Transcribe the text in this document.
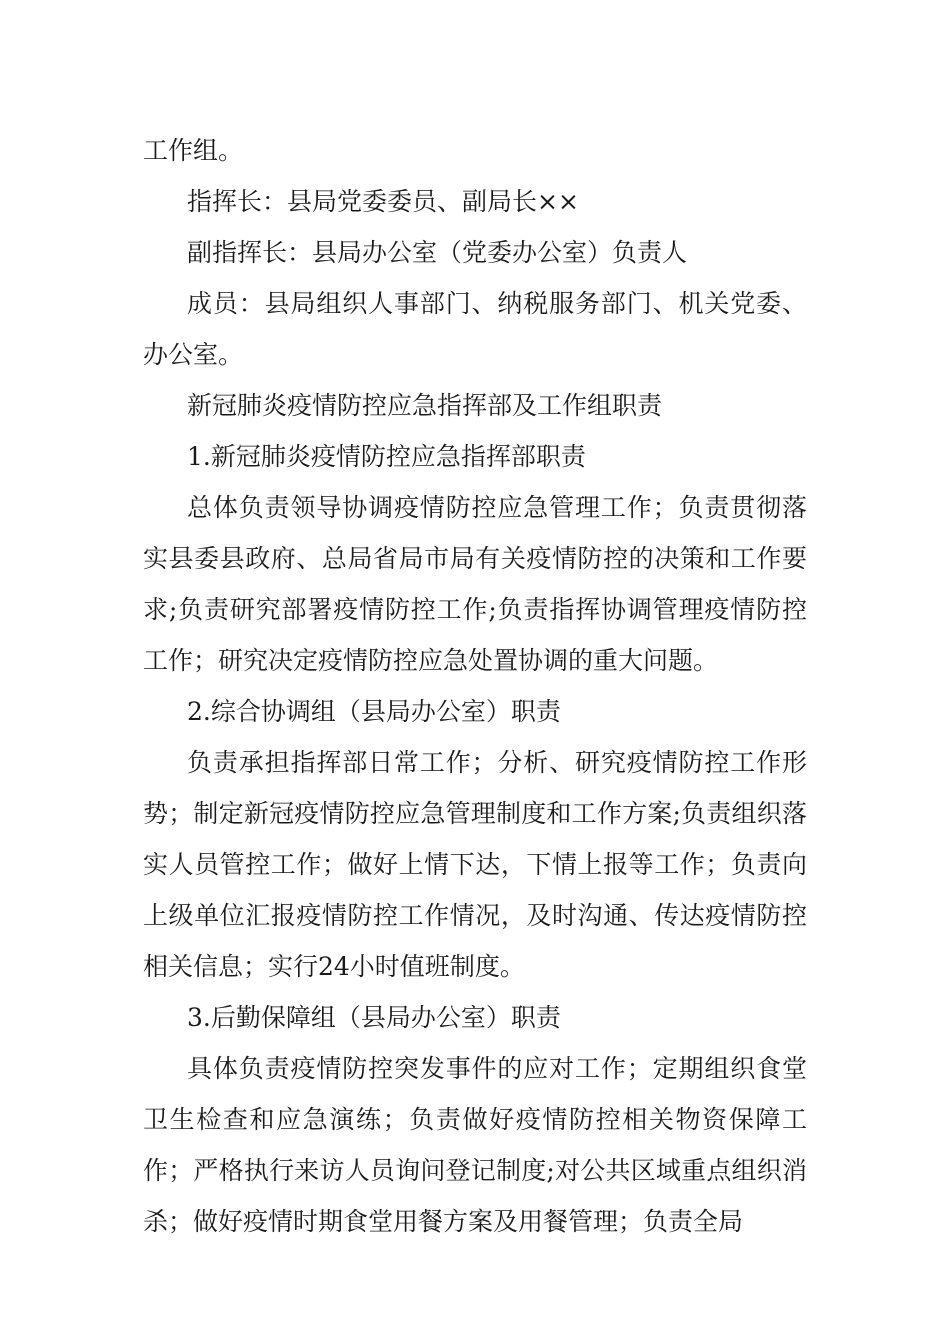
工作组。

指挥长：县局党委委员、副局长××

副指挥长：县局办公室（党委办公室）负责人

成员：县局组织人事部门、纳税服务部门、机关党委、办公室。

新冠肺炎疫情防控应急指挥部及工作组职责

1.新冠肺炎疫情防控应急指挥部职责

总体负责领导协调疫情防控应急管理工作；负责贯彻落实县委县政府、总局省局市局有关疫情防控的决策和工作要求;负责研究部署疫情防控工作;负责指挥协调管理疫情防控工作；研究决定疫情防控应急处置协调的重大问题。

2.综合协调组（县局办公室）职责

负责承担指挥部日常工作；分析、研究疫情防控工作形势；制定新冠疫情防控应急管理制度和工作方案;负责组织落实人员管控工作；做好上情下达，下情上报等工作；负责向上级单位汇报疫情防控工作情况，及时沟通、传达疫情防控相关信息；实行24小时值班制度。

3.后勤保障组（县局办公室）职责

具体负责疫情防控突发事件的应对工作；定期组织食堂卫生检查和应急演练；负责做好疫情防控相关物资保障工作；严格执行来访人员询问登记制度;对公共区域重点组织消杀；做好疫情时期食堂用餐方案及用餐管理；负责全局
